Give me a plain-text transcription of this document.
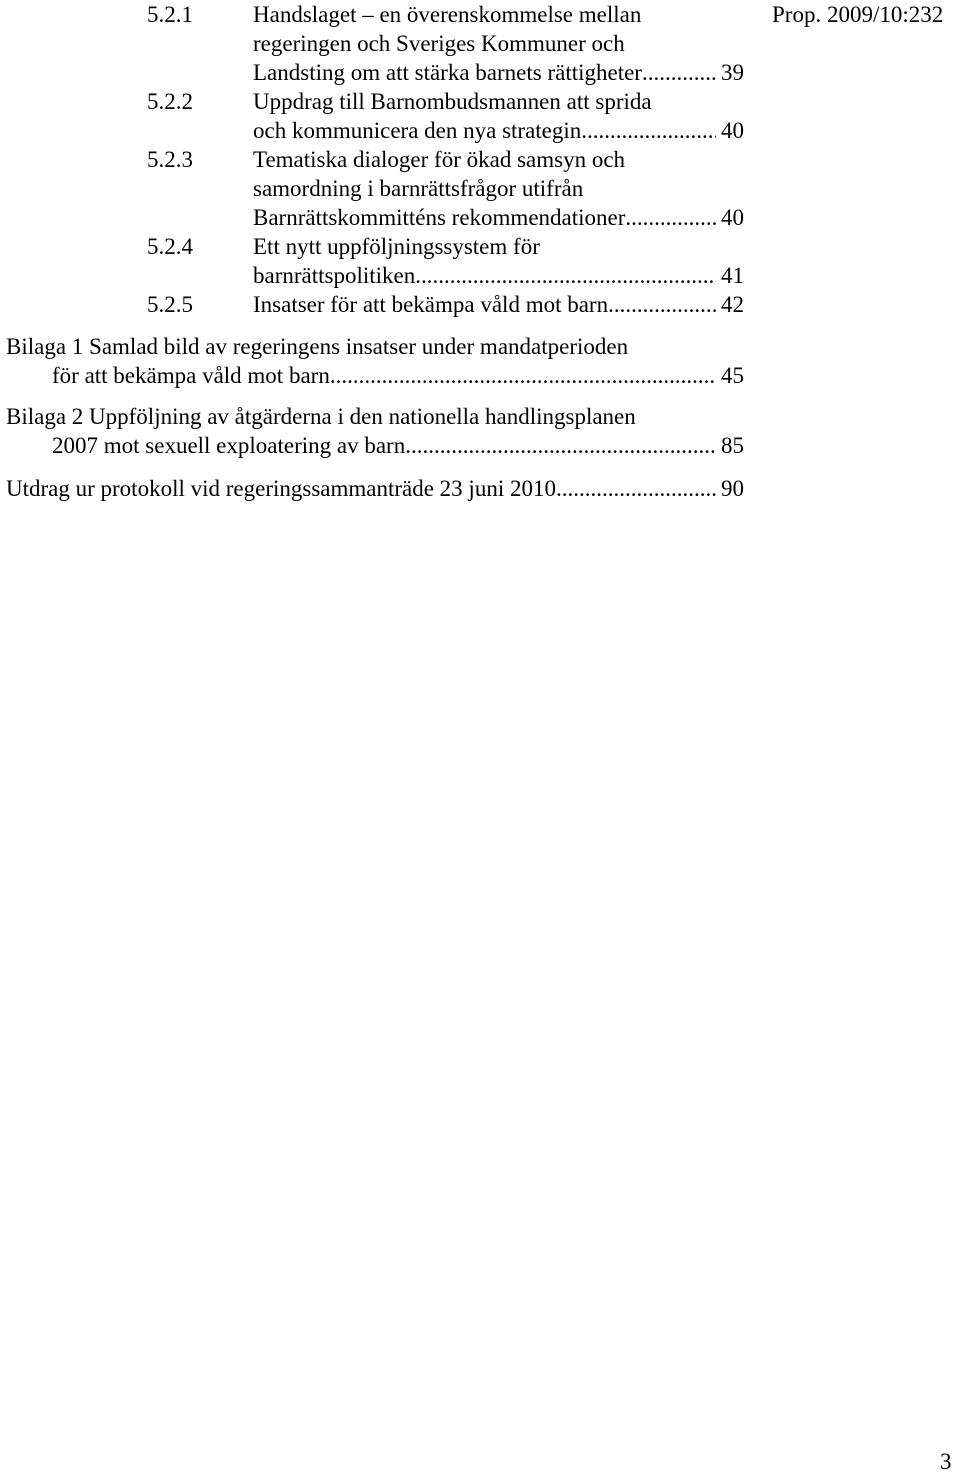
Prop. 2009/10:232
5.2.1	Handslaget – en överenskommelse mellan
regeringen och Sveriges Kommuner och
Landsting om att stärka barnets rättigheter .....	39
5.2.2	Uppdrag till Barnombudsmannen att sprida
och kommunicera den nya strategin .....	40
5.2.3	Tematiska dialoger för ökad samsyn och
samordning i barnrättsfrågor utifrån
Barnrättskommitténs rekommendationer .....	40
5.2.4	Ett nytt uppföljningssystem för
barnrättspolitiken .....	41
5.2.5	Insatser för att bekämpa våld mot barn .....	42
Bilaga 1 Samlad bild av regeringens insatser under mandatperioden
för att bekämpa våld mot barn .....	45
Bilaga 2 Uppföljning av åtgärderna i den nationella handlingsplanen
2007 mot sexuell exploatering av barn .....	85
Utdrag ur protokoll vid regeringssammanträde 23 juni 2010 .....	90
3
